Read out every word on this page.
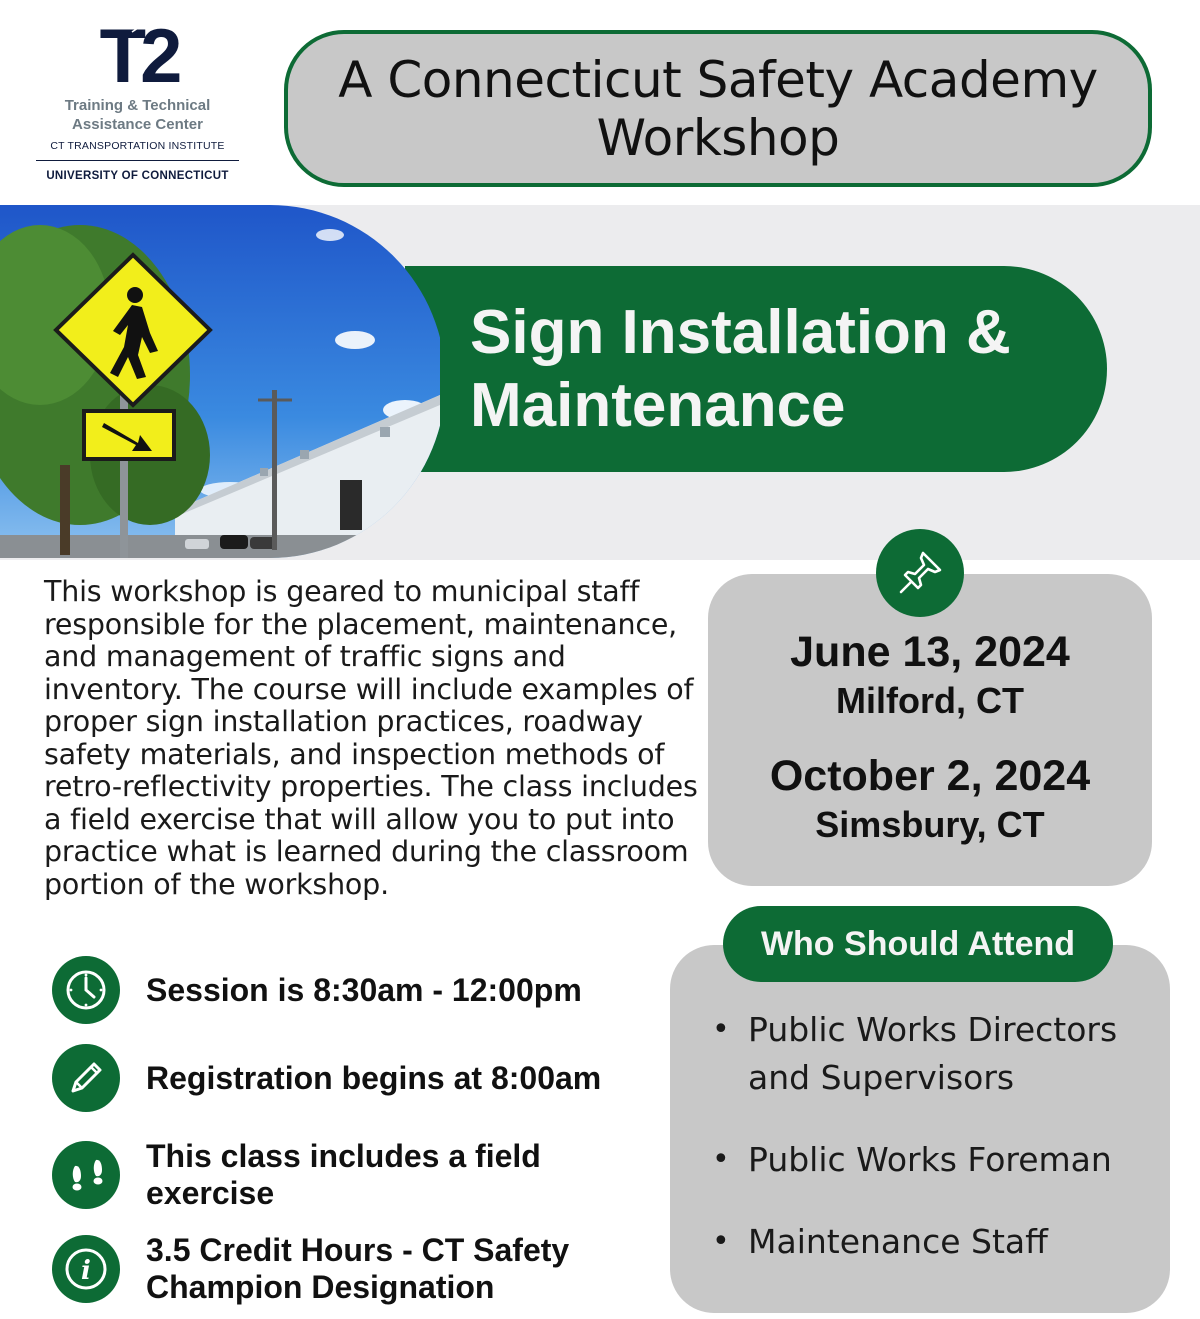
T2
Training & Technical
Assistance Center
CT TRANSPORTATION INSTITUTE
UNIVERSITY OF CONNECTICUT
A Connecticut Safety Academy
Workshop
Sign Installation &
Maintenance
This workshop is geared to municipal staff responsible for the placement, maintenance, and management of traffic signs and inventory. The course will include examples of proper sign installation practices, roadway safety materials, and inspection methods of retro-reflectivity properties. The class includes a field exercise that will allow you to put into practice what is learned during the classroom portion of the workshop.
Session is 8:30am - 12:00pm
Registration begins at 8:00am
This class includes a field
exercise
i
3.5 Credit Hours - CT Safety
Champion Designation
June 13, 2024
Milford, CT
October 2, 2024
Simsbury, CT
Who Should Attend
• Public Works Directors
and Supervisors
• Public Works Foreman
• Maintenance Staff
